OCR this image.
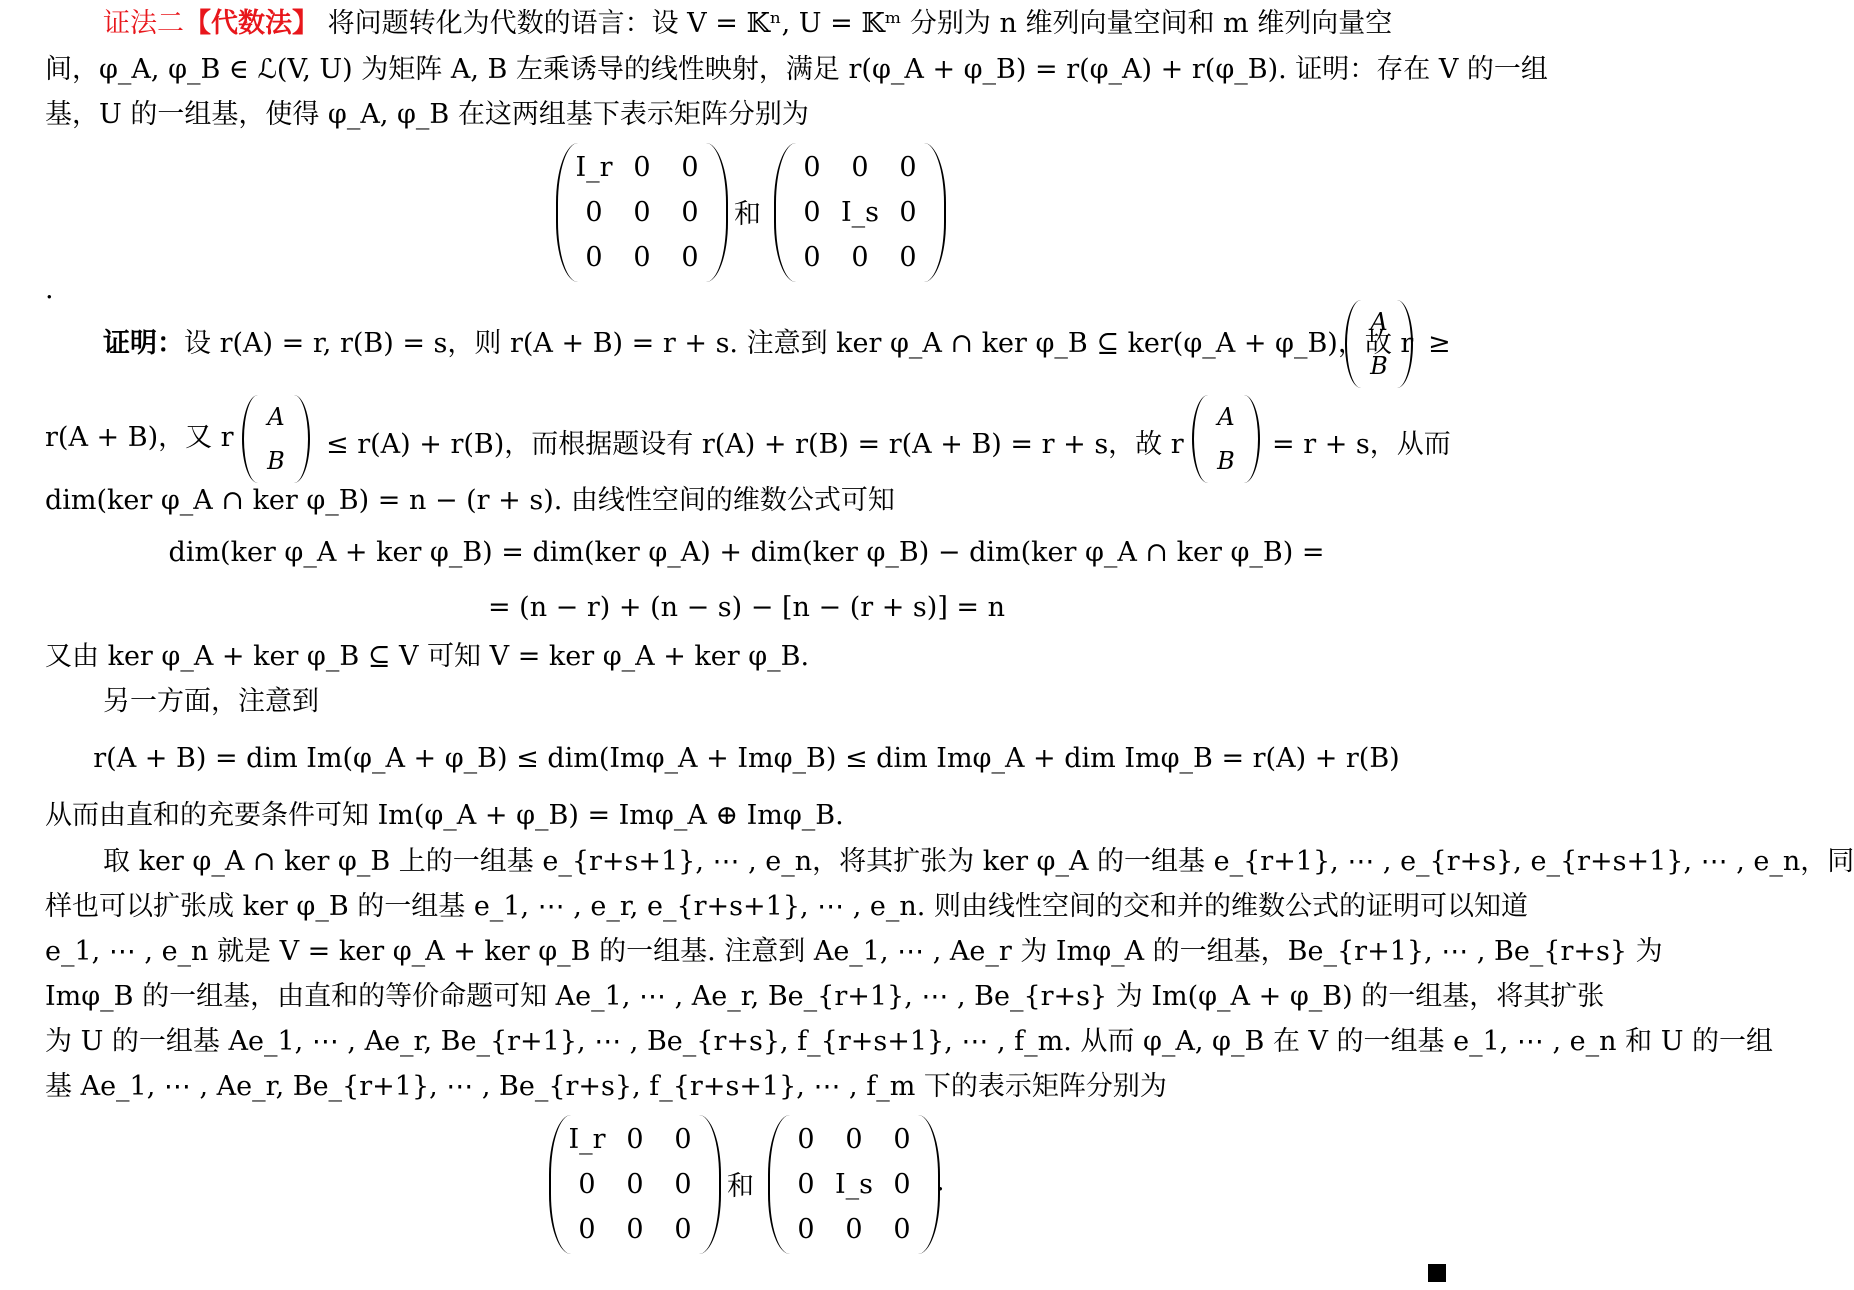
证法二【代数法】 将问题转化为代数的语言：设 V = 𝕂ⁿ, U = 𝕂ᵐ 分别为 n 维列向量空间和 m 维列向量空
间，φ_A, φ_B ∈ ℒ(V, U) 为矩阵 A, B 左乘诱导的线性映射，满足 r(φ_A + φ_B) = r(φ_A) + r(φ_B). 证明：存在 V 的一组
基，U 的一组基，使得 φ_A, φ_B 在这两组基下表示矩阵分别为
I_r 0 0
0 0 0
0 0 0
和
0 0 0
0 I_s 0
0 0 0
.
证明：设 r(A) = r, r(B) = s，则 r(A + B) = r + s. 注意到 ker φ_A ∩ ker φ_B ⊆ ker(φ_A + φ_B)，故 r
A
B
≥
r(A + B)，又 r
A
B
≤ r(A) + r(B)，而根据题设有 r(A) + r(B) = r(A + B) = r + s，故 r
A
B
= r + s，从而
dim(ker φ_A ∩ ker φ_B) = n − (r + s). 由线性空间的维数公式可知
dim(ker φ_A + ker φ_B) = dim(ker φ_A) + dim(ker φ_B) − dim(ker φ_A ∩ ker φ_B) =
= (n − r) + (n − s) − [n − (r + s)] = n
又由 ker φ_A + ker φ_B ⊆ V 可知 V = ker φ_A + ker φ_B.
另一方面，注意到
r(A + B) = dim Im(φ_A + φ_B) ≤ dim(Imφ_A + Imφ_B) ≤ dim Imφ_A + dim Imφ_B = r(A) + r(B)
从而由直和的充要条件可知 Im(φ_A + φ_B) = Imφ_A ⊕ Imφ_B.
取 ker φ_A ∩ ker φ_B 上的一组基 e_{r+s+1}, ⋯ , e_n，将其扩张为 ker φ_A 的一组基 e_{r+1}, ⋯ , e_{r+s}, e_{r+s+1}, ⋯ , e_n，同
样也可以扩张成 ker φ_B 的一组基 e_1, ⋯ , e_r, e_{r+s+1}, ⋯ , e_n. 则由线性空间的交和并的维数公式的证明可以知道
e_1, ⋯ , e_n 就是 V = ker φ_A + ker φ_B 的一组基. 注意到 Ae_1, ⋯ , Ae_r 为 Imφ_A 的一组基，Be_{r+1}, ⋯ , Be_{r+s} 为
Imφ_B 的一组基，由直和的等价命题可知 Ae_1, ⋯ , Ae_r, Be_{r+1}, ⋯ , Be_{r+s} 为 Im(φ_A + φ_B) 的一组基，将其扩张
为 U 的一组基 Ae_1, ⋯ , Ae_r, Be_{r+1}, ⋯ , Be_{r+s}, f_{r+s+1}, ⋯ , f_m. 从而 φ_A, φ_B 在 V 的一组基 e_1, ⋯ , e_n 和 U 的一组
基 Ae_1, ⋯ , Ae_r, Be_{r+1}, ⋯ , Be_{r+s}, f_{r+s+1}, ⋯ , f_m 下的表示矩阵分别为
I_r 0 0
0 0 0
0 0 0
和
0 0 0
0 I_s 0
0 0 0
.
